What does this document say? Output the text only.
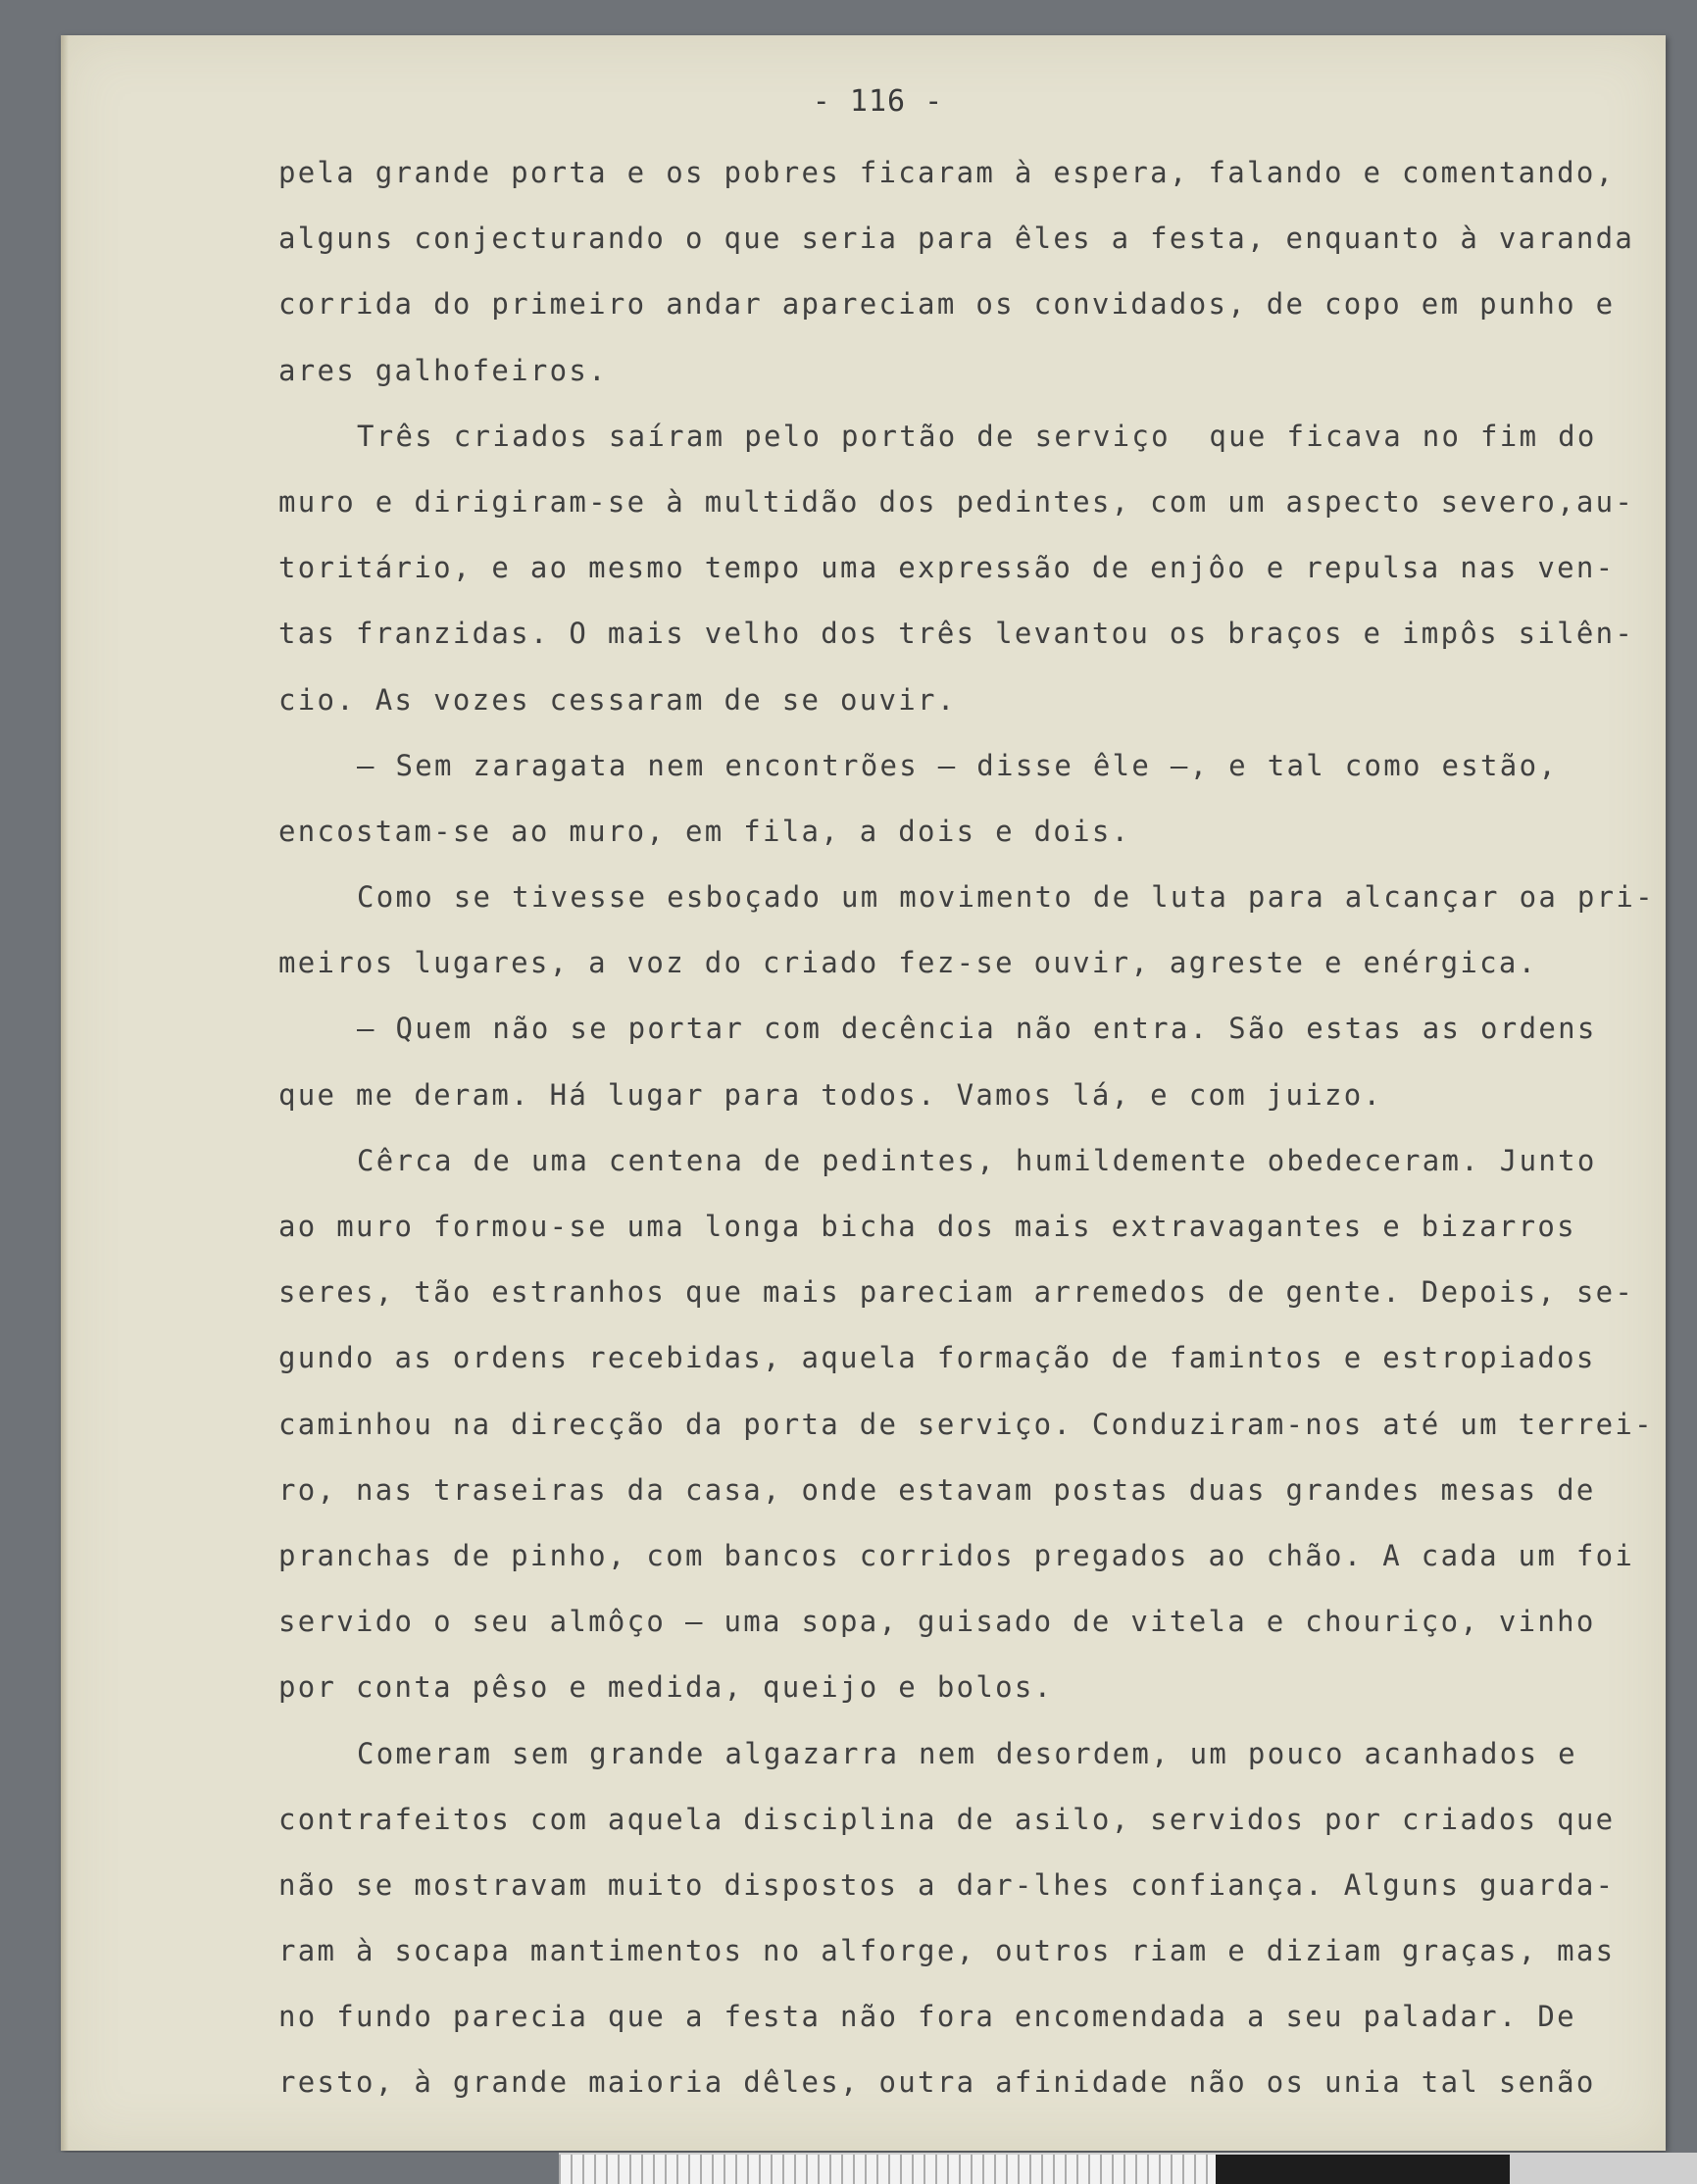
- 116 -
pela grande porta e os pobres ficaram à espera, falando e comentando,
alguns conjecturando o que seria para êles a festa, enquanto à varanda
corrida do primeiro andar apareciam os convidados, de copo em punho e
ares galhofeiros.
Três criados saíram pelo portão de serviço  que ficava no fim do
muro e dirigiram-se à multidão dos pedintes, com um aspecto severo,au-
toritário, e ao mesmo tempo uma expressão de enjôo e repulsa nas ven-
tas franzidas. O mais velho dos três levantou os braços e impôs silên-
cio. As vozes cessaram de se ouvir.
— Sem zaragata nem encontrões — disse êle —, e tal como estão,
encostam-se ao muro, em fila, a dois e dois.
Como se tivesse esboçado um movimento de luta para alcançar oa pri-
meiros lugares, a voz do criado fez-se ouvir, agreste e enérgica.
— Quem não se portar com decência não entra. São estas as ordens
que me deram. Há lugar para todos. Vamos lá, e com juizo.
Cêrca de uma centena de pedintes, humildemente obedeceram. Junto
ao muro formou-se uma longa bicha dos mais extravagantes e bizarros
seres, tão estranhos que mais pareciam arremedos de gente. Depois, se-
gundo as ordens recebidas, aquela formação de famintos e estropiados
caminhou na direcção da porta de serviço. Conduziram-nos até um terrei-
ro, nas traseiras da casa, onde estavam postas duas grandes mesas de
pranchas de pinho, com bancos corridos pregados ao chão. A cada um foi
servido o seu almôço — uma sopa, guisado de vitela e chouriço, vinho
por conta pêso e medida, queijo e bolos.
Comeram sem grande algazarra nem desordem, um pouco acanhados e
contrafeitos com aquela disciplina de asilo, servidos por criados que
não se mostravam muito dispostos a dar-lhes confiança. Alguns guarda-
ram à socapa mantimentos no alforge, outros riam e diziam graças, mas
no fundo parecia que a festa não fora encomendada a seu paladar. De
resto, à grande maioria dêles, outra afinidade não os unia tal senão
